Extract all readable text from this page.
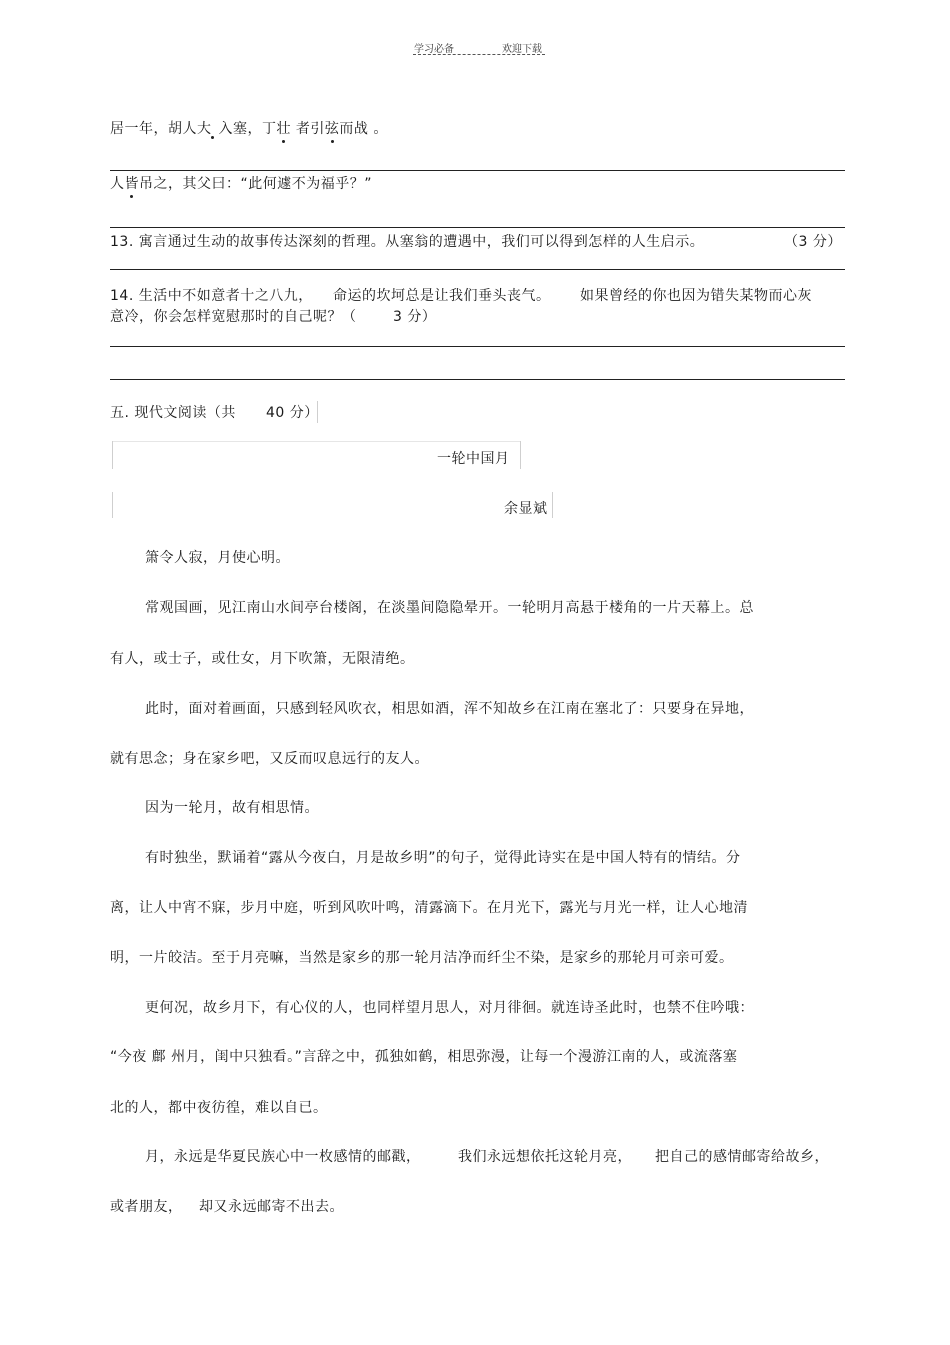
学习必备	欢迎下载
居一年，胡人大 入塞，丁壮 者引弦而战 。
人皆吊之，其父曰：“此何遽不为福乎？”
13. 寓言通过生动的故事传达深刻的哲理。从塞翁的遭遇中，我们可以得到怎样的人生启示。	（3 分）
14. 生活中不如意者十之八九， 命运的坎坷总是让我们垂头丧气。 如果曾经的你也因为错失某物而心灰
意冷，你会怎样宽慰那时的自己呢？（	3 分）
五. 现代文阅读（共 40 分）
一轮中国月
余显斌
箫令人寂，月使心明。
常观国画，见江南山水间亭台楼阁，在淡墨间隐隐晕开。一轮明月高悬于楼角的一片天幕上。总
有人，或士子，或仕女，月下吹箫，无限清绝。
此时，面对着画面，只感到轻风吹衣，相思如酒，浑不知故乡在江南在塞北了：只要身在异地，
就有思念；身在家乡吧，又反而叹息远行的友人。
因为一轮月，故有相思情。
有时独坐，默诵着“露从今夜白，月是故乡明”的句子，觉得此诗实在是中国人特有的情结。分
离，让人中宵不寐，步月中庭，听到风吹叶鸣，清露滴下。在月光下，露光与月光一样，让人心地清
明，一片皎洁。至于月亮嘛，当然是家乡的那一轮月洁净而纤尘不染，是家乡的那轮月可亲可爱。
更何况，故乡月下，有心仪的人，也同样望月思人，对月徘徊。就连诗圣此时，也禁不住吟哦：
“今夜 鄜 州月，闺中只独看。”言辞之中，孤独如鹤，相思弥漫，让每一个漫游江南的人，或流落塞
北的人，都中夜彷徨，难以自已。
月，永远是华夏民族心中一枚感情的邮戳，	我们永远想依托这轮月亮， 把自己的感情邮寄给故乡，
或者朋友， 却又永远邮寄不出去。
